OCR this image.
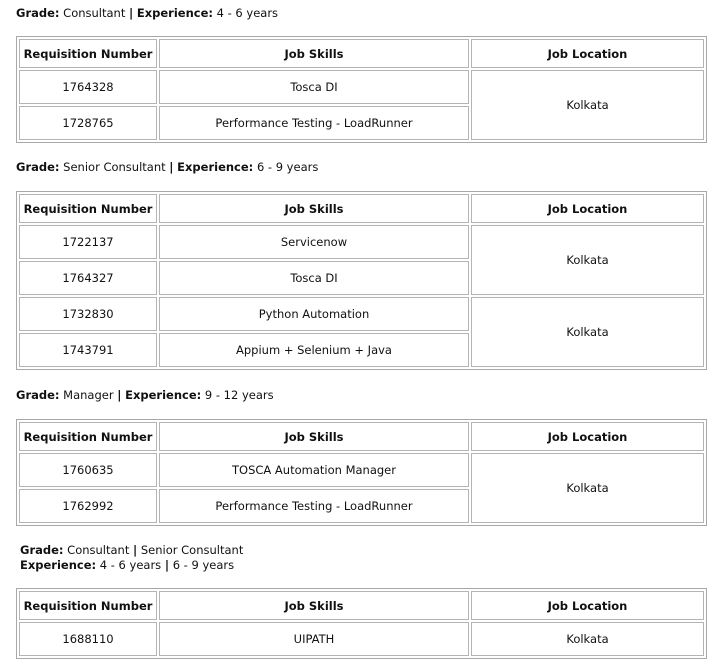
Grade: Consultant | Experience: 4 - 6 years
Requisition Number	Job Skills	Job Location
1764328	Tosca DI	Kolkata
1728765	Performance Testing - LoadRunner	
Grade: Senior Consultant | Experience: 6 - 9 years
Requisition Number	Job Skills	Job Location
1722137	Servicenow	Kolkata
1764327	Tosca DI	
1732830	Python Automation	Kolkata
1743791	Appium + Selenium + Java	
Grade: Manager | Experience: 9 - 12 years
Requisition Number	Job Skills	Job Location
1760635	TOSCA Automation Manager	Kolkata
1762992	Performance Testing - LoadRunner	
Grade: Consultant | Senior Consultant
Experience: 4 - 6 years | 6 - 9 years
Requisition Number	Job Skills	Job Location
1688110	UIPATH	Kolkata
